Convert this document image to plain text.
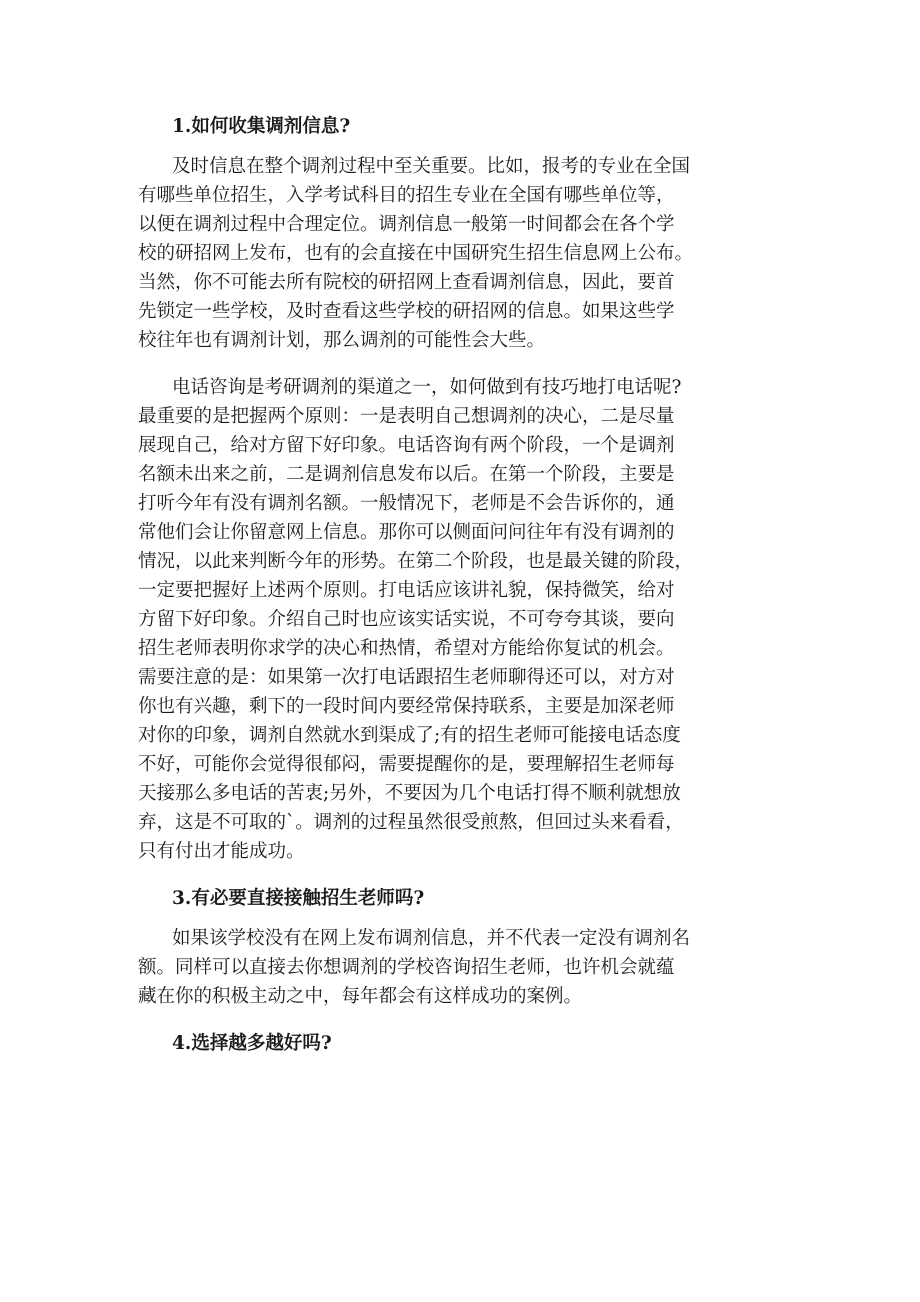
1.如何收集调剂信息?
及时信息在整个调剂过程中至关重要。比如，报考的专业在全国
有哪些单位招生，入学考试科目的招生专业在全国有哪些单位等，
以便在调剂过程中合理定位。调剂信息一般第一时间都会在各个学
校的研招网上发布，也有的会直接在中国研究生招生信息网上公布。
当然，你不可能去所有院校的研招网上查看调剂信息，因此，要首
先锁定一些学校，及时查看这些学校的研招网的信息。如果这些学
校往年也有调剂计划，那么调剂的可能性会大些。
电话咨询是考研调剂的渠道之一，如何做到有技巧地打电话呢?
最重要的是把握两个原则：一是表明自己想调剂的决心，二是尽量
展现自己，给对方留下好印象。电话咨询有两个阶段，一个是调剂
名额未出来之前，二是调剂信息发布以后。在第一个阶段，主要是
打听今年有没有调剂名额。一般情况下，老师是不会告诉你的，通
常他们会让你留意网上信息。那你可以侧面问问往年有没有调剂的
情况，以此来判断今年的形势。在第二个阶段，也是最关键的阶段，
一定要把握好上述两个原则。打电话应该讲礼貌，保持微笑，给对
方留下好印象。介绍自己时也应该实话实说，不可夸夸其谈，要向
招生老师表明你求学的决心和热情，希望对方能给你复试的机会。
需要注意的是：如果第一次打电话跟招生老师聊得还可以，对方对
你也有兴趣，剩下的一段时间内要经常保持联系，主要是加深老师
对你的印象，调剂自然就水到渠成了;有的招生老师可能接电话态度
不好，可能你会觉得很郁闷，需要提醒你的是，要理解招生老师每
天接那么多电话的苦衷;另外，不要因为几个电话打得不顺利就想放
弃，这是不可取的`。调剂的过程虽然很受煎熬，但回过头来看看，
只有付出才能成功。
3.有必要直接接触招生老师吗?
如果该学校没有在网上发布调剂信息，并不代表一定没有调剂名
额。同样可以直接去你想调剂的学校咨询招生老师，也许机会就蕴
藏在你的积极主动之中，每年都会有这样成功的案例。
4.选择越多越好吗?
